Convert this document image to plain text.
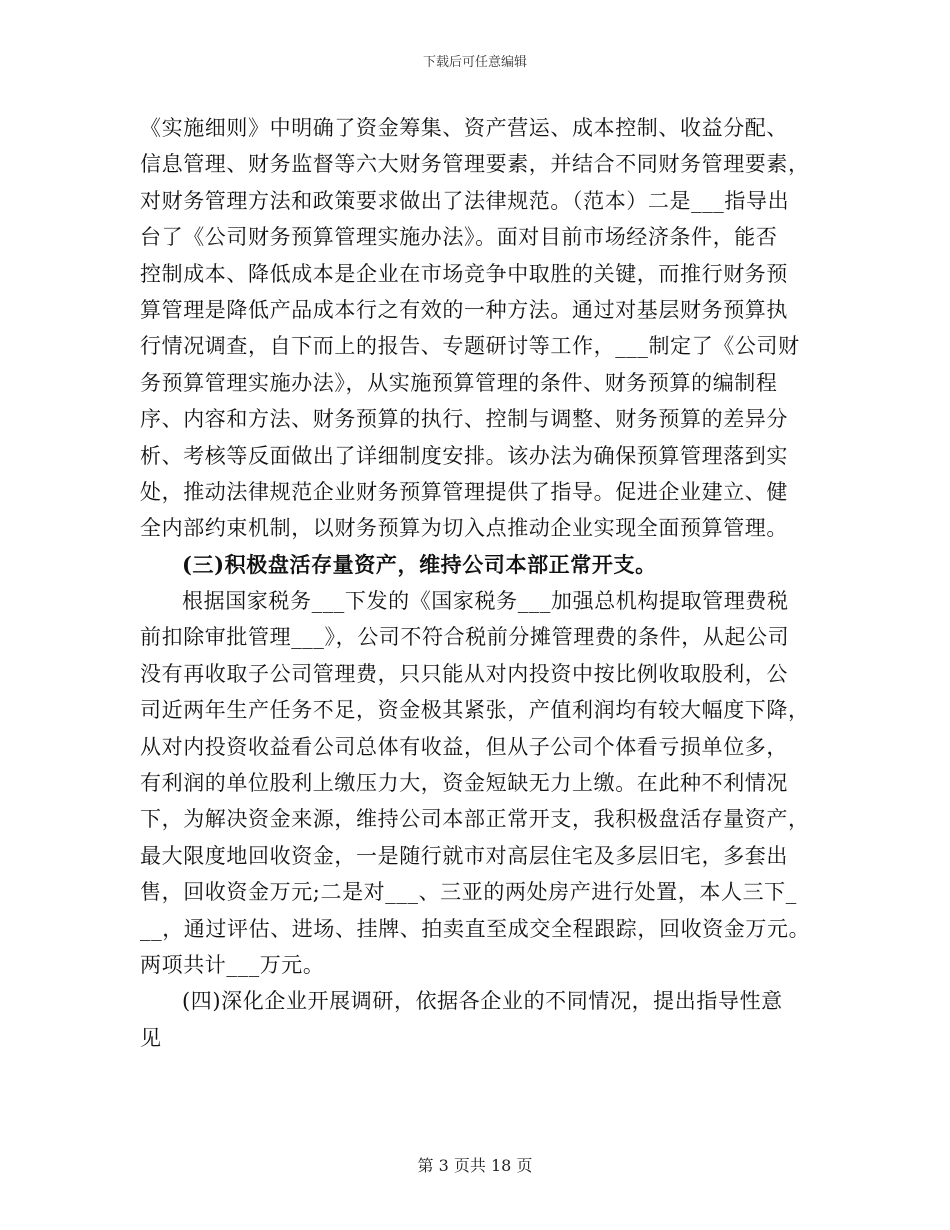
下载后可任意编辑
《实施细则》中明确了资金筹集、资产营运、成本控制、收益分配、
信息管理、财务监督等六大财务管理要素，并结合不同财务管理要素，
对财务管理方法和政策要求做出了法律规范。（范本）二是___指导出
台了《公司财务预算管理实施办法》。面对目前市场经济条件，能否
控制成本、降低成本是企业在市场竞争中取胜的关键，而推行财务预
算管理是降低产品成本行之有效的一种方法。通过对基层财务预算执
行情况调查，自下而上的报告、专题研讨等工作，___制定了《公司财
务预算管理实施办法》，从实施预算管理的条件、财务预算的编制程
序、内容和方法、财务预算的执行、控制与调整、财务预算的差异分
析、考核等反面做出了详细制度安排。该办法为确保预算管理落到实
处，推动法律规范企业财务预算管理提供了指导。促进企业建立、健
全内部约束机制，以财务预算为切入点推动企业实现全面预算管理。
(三)积极盘活存量资产，维持公司本部正常开支。
根据国家税务___下发的《国家税务___加强总机构提取管理费税
前扣除审批管理___》，公司不符合税前分摊管理费的条件，从起公司
没有再收取子公司管理费，只只能从对内投资中按比例收取股利，公
司近两年生产任务不足，资金极其紧张，产值利润均有较大幅度下降，
从对内投资收益看公司总体有收益，但从子公司个体看亏损单位多，
有利润的单位股利上缴压力大，资金短缺无力上缴。在此种不利情况
下，为解决资金来源，维持公司本部正常开支，我积极盘活存量资产，
最大限度地回收资金，一是随行就市对高层住宅及多层旧宅，多套出
售，回收资金万元;二是对___、三亚的两处房产进行处置，本人三下_
__，通过评估、进场、挂牌、拍卖直至成交全程跟踪，回收资金万元。
两项共计___万元。
(四)深化企业开展调研，依据各企业的不同情况，提出指导性意
见
第 3 页共 18 页
